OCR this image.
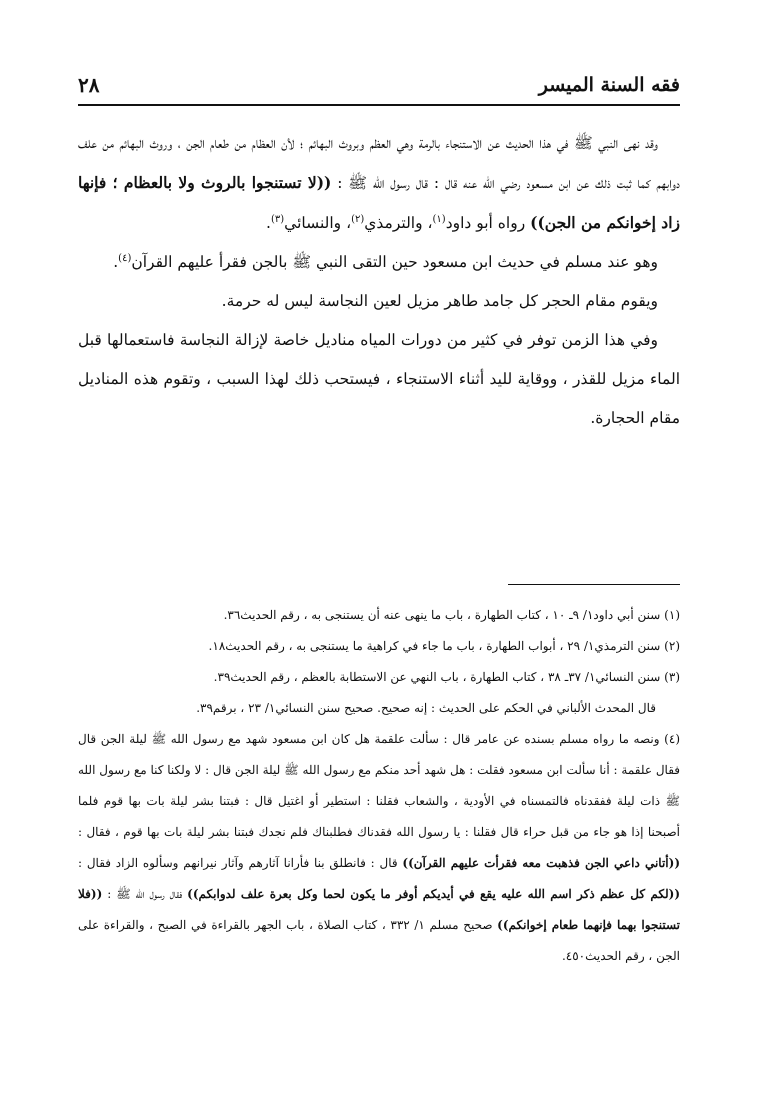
فقه السنة الميسر
٢٨

وقد نهى النبي ﷺ في هذا الحديث عن الاستنجاء بالرمة وهي العظم وبروث البهائم ؛ لأن العظام من طعام الجن ، وروث البهائم من علف دوابهم كما ثبت ذلك عن ابن مسعود رضي الله عنه قال : قال رسول الله ﷺ : ((لا تستنجوا بالروث ولا بالعظام ؛ فإنها زاد إخوانكم من الجن)) رواه أبو داود$^{(١)}$، والترمذي$^{(٢)}$، والنسائي$^{(٣)}$.

وهو عند مسلم في حديث ابن مسعود حين التقى النبي ﷺ بالجن فقرأ عليهم القرآن$^{(٤)}$.

ويقوم مقام الحجر كل جامد طاهر مزيل لعين النجاسة ليس له حرمة.

وفي هذا الزمن توفر في كثير من دورات المياه مناديل خاصة لإزالة النجاسة فاستعمالها قبل الماء مزيل للقذر ، ووقاية لليد أثناء الاستنجاء ، فيستحب ذلك لهذا السبب ، وتقوم هذه المناديل مقام الحجارة.

(١) سنن أبي داود١/ ٩ـ ١٠ ، كتاب الطهارة ، باب ما ينهى عنه أن يستنجى به ، رقم الحديث٣٦.

(٢) سنن الترمذي١/ ٢٩ ، أبواب الطهارة ، باب ما جاء في كراهية ما يستنجى به ، رقم الحديث١٨.

(٣) سنن النسائي١/ ٣٧ـ ٣٨ ، كتاب الطهارة ، باب النهي عن الاستطابة بالعظم ، رقم الحديث٣٩.

قال المحدث الألباني في الحكم على الحديث : إنه صحيح. صحيح سنن النسائي١/ ٢٣ ، برقم٣٩.

(٤) ونصه ما رواه مسلم بسنده عن عامر قال : سألت علقمة هل كان ابن مسعود شهد مع رسول الله ﷺ ليلة الجن قال فقال علقمة : أنا سألت ابن مسعود فقلت : هل شهد أحد منكم مع رسول الله ﷺ ليلة الجن قال : لا ولكنا كنا مع رسول الله ﷺ ذات ليلة ففقدناه فالتمسناه في الأودية ، والشعاب فقلنا : استطير أو اغتيل قال : فبتنا بشر ليلة بات بها قوم فلما أصبحنا إذا هو جاء من قبل حراء قال فقلنا : يا رسول الله فقدناك فطلبناك فلم نجدك فبتنا بشر ليلة بات بها قوم ، فقال : ((أتاني داعي الجن فذهبت معه فقرأت عليهم القرآن)) قال : فانطلق بنا فأرانا آثارهم وآثار نيرانهم وسألوه الزاد فقال : ((لكم كل عظم ذكر اسم الله عليه يقع في أيديكم أوفر ما يكون لحما وكل بعرة علف لدوابكم)) فقال رسول الله ﷺ : ((فلا تستنجوا بهما فإنهما طعام إخوانكم)) صحيح مسلم ١/ ٣٣٢ ، كتاب الصلاة ، باب الجهر بالقراءة في الصبح ، والقراءة على الجن ، رقم الحديث٤٥٠.
